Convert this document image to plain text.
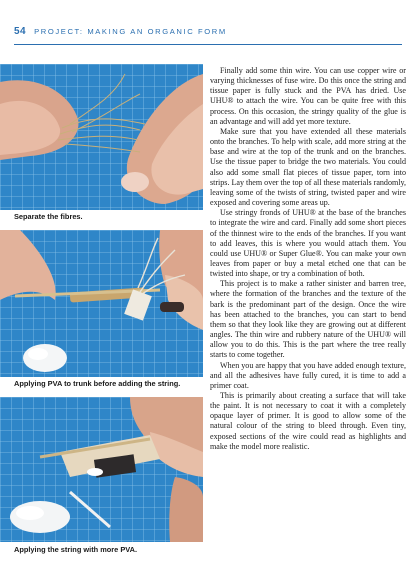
54 PROJECT: MAKING AN ORGANIC FORM
Separate the fibres.
Applying PVA to trunk before adding the string.
Applying the string with more PVA.

Finally add some thin wire. You can use copper wire or varying thicknesses of fuse wire. Do this once the string and tissue paper is fully stuck and the PVA has dried. Use UHU® to attach the wire. You can be quite free with this process. On this occasion, the stringy quality of the glue is an advantage and will add yet more texture.

Make sure that you have extended all these materials onto the branches. To help with scale, add more string at the base and wire at the top of the trunk and on the branches. Use the tissue paper to bridge the two materials. You could also add some small flat pieces of tissue paper, torn into strips. Lay them over the top of all these materials randomly, leaving some of the twists of string, twisted paper and wire exposed and covering some areas up.

Use stringy fronds of UHU® at the base of the branches to integrate the wire and card. Finally add some short pieces of the thinnest wire to the ends of the branches. If you want to add leaves, this is where you would attach them. You could use UHU® or Super Glue®. You can make your own leaves from paper or buy a metal etched one that can be twisted into shape, or try a combination of both.

This project is to make a rather sinister and barren tree, where the formation of the branches and the texture of the bark is the predominant part of the design. Once the wire has been attached to the branches, you can start to bend them so that they look like they are growing out at different angles. The thin wire and rubbery nature of the UHU® will allow you to do this. This is the part where the tree really starts to come together.

When you are happy that you have added enough texture, and all the adhesives have fully cured, it is time to add a primer coat.

This is primarily about creating a surface that will take the paint. It is not necessary to coat it with a completely opaque layer of primer. It is good to allow some of the natural colour of the string to bleed through. Even tiny, exposed sections of the wire could read as highlights and make the model more realistic.
